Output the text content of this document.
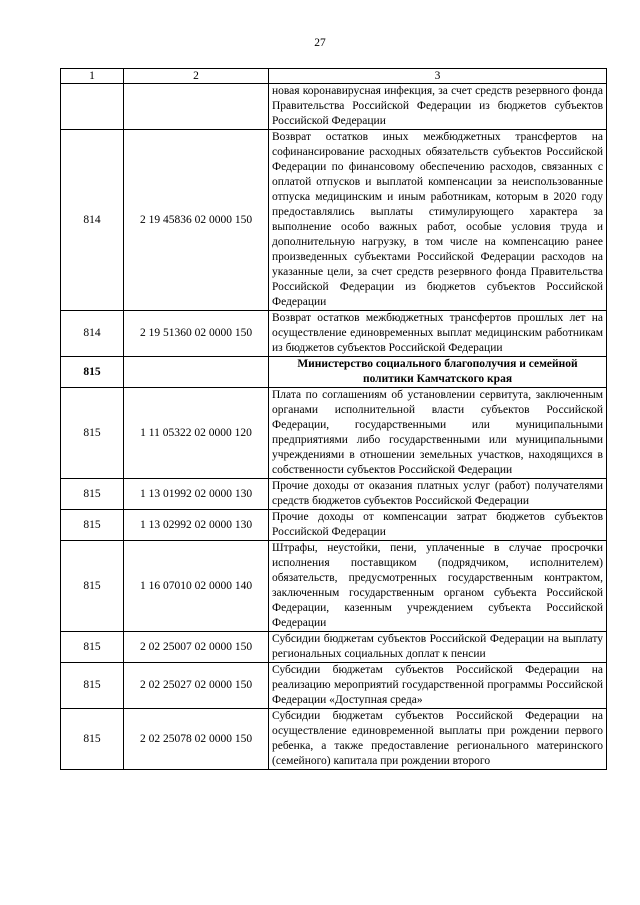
27
1	2	3
		новая коронавирусная инфекция, за счет средств резервного фонда Правительства Российской Федерации из бюджетов субъектов Российской Федерации
814	2 19 45836 02 0000 150	Возврат остатков иных межбюджетных трансфертов на софинансирование расходных обязательств субъектов Российской Федерации по финансовому обеспечению расходов, связанных с оплатой отпусков и выплатой компенсации за неиспользованные отпуска медицинским и иным работникам, которым в 2020 году предоставлялись выплаты стимулирующего характера за выполнение особо важных работ, особые условия труда и дополнительную нагрузку, в том числе на компенсацию ранее произведенных субъектами Российской Федерации расходов на указанные цели, за счет средств резервного фонда Правительства Российской Федерации из бюджетов субъектов Российской Федерации
814	2 19 51360 02 0000 150	Возврат остатков межбюджетных трансфертов прошлых лет на осуществление единовременных выплат медицинским работникам из бюджетов субъектов Российской Федерации
815		Министерство социального благополучия и семейной политики Камчатского края
815	1 11 05322 02 0000 120	Плата по соглашениям об установлении сервитута, заключенным органами исполнительной власти субъектов Российской Федерации, государственными или муниципальными предприятиями либо государственными или муниципальными учреждениями в отношении земельных участков, находящихся в собственности субъектов Российской Федерации
815	1 13 01992 02 0000 130	Прочие доходы от оказания платных услуг (работ) получателями средств бюджетов субъектов Российской Федерации
815	1 13 02992 02 0000 130	Прочие доходы от компенсации затрат бюджетов субъектов Российской Федерации
815	1 16 07010 02 0000 140	Штрафы, неустойки, пени, уплаченные в случае просрочки исполнения поставщиком (подрядчиком, исполнителем) обязательств, предусмотренных государственным контрактом, заключенным государственным органом субъекта Российской Федерации, казенным учреждением субъекта Российской Федерации
815	2 02 25007 02 0000 150	Субсидии бюджетам субъектов Российской Федерации на выплату региональных социальных доплат к пенсии
815	2 02 25027 02 0000 150	Субсидии бюджетам субъектов Российской Федерации на реализацию мероприятий государственной программы Российской Федерации «Доступная среда»
815	2 02 25078 02 0000 150	Субсидии бюджетам субъектов Российской Федерации на осуществление единовременной выплаты при рождении первого ребенка, а также предоставление регионального материнского (семейного) капитала при рождении второго
